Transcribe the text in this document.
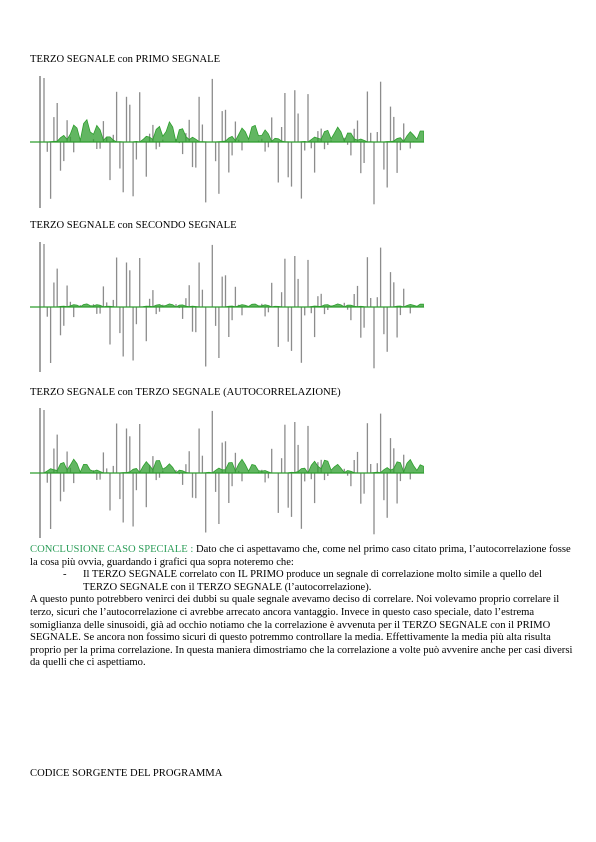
TERZO SEGNALE con PRIMO SEGNALE
TERZO SEGNALE con SECONDO SEGNALE
TERZO SEGNALE con TERZO SEGNALE (AUTOCORRELAZIONE)

CONCLUSIONE CASO SPECIALE : Dato che ci aspettavamo che, come nel primo caso citato prima, l’autocorrelazione fosse la cosa più ovvia, guardando i grafici qua sopra noteremo che:

- Il TERZO SEGNALE correlato con IL PRIMO produce un segnale di correlazione molto simile a quello del TERZO SEGNALE con il TERZO SEGNALE (l’autocorrelazione).

A questo punto potrebbero venirci dei dubbi su quale segnale avevamo deciso di correlare. Noi volevamo proprio correlare il terzo, sicuri che l’autocorrelazione ci avrebbe arrecato ancora vantaggio. Invece in questo caso speciale, dato l’estrema somiglianza delle sinusoidi, già ad occhio notiamo che la correlazione è avvenuta per il TERZO SEGNALE con il PRIMO SEGNALE. Se ancora non fossimo sicuri di questo potremmo controllare la media. Effettivamente la media più alta risulta proprio per la prima correlazione. In questa maniera dimostriamo che la correlazione a volte può avvenire anche per casi diversi da quelli che ci aspettiamo.

CODICE SORGENTE DEL PROGRAMMA
